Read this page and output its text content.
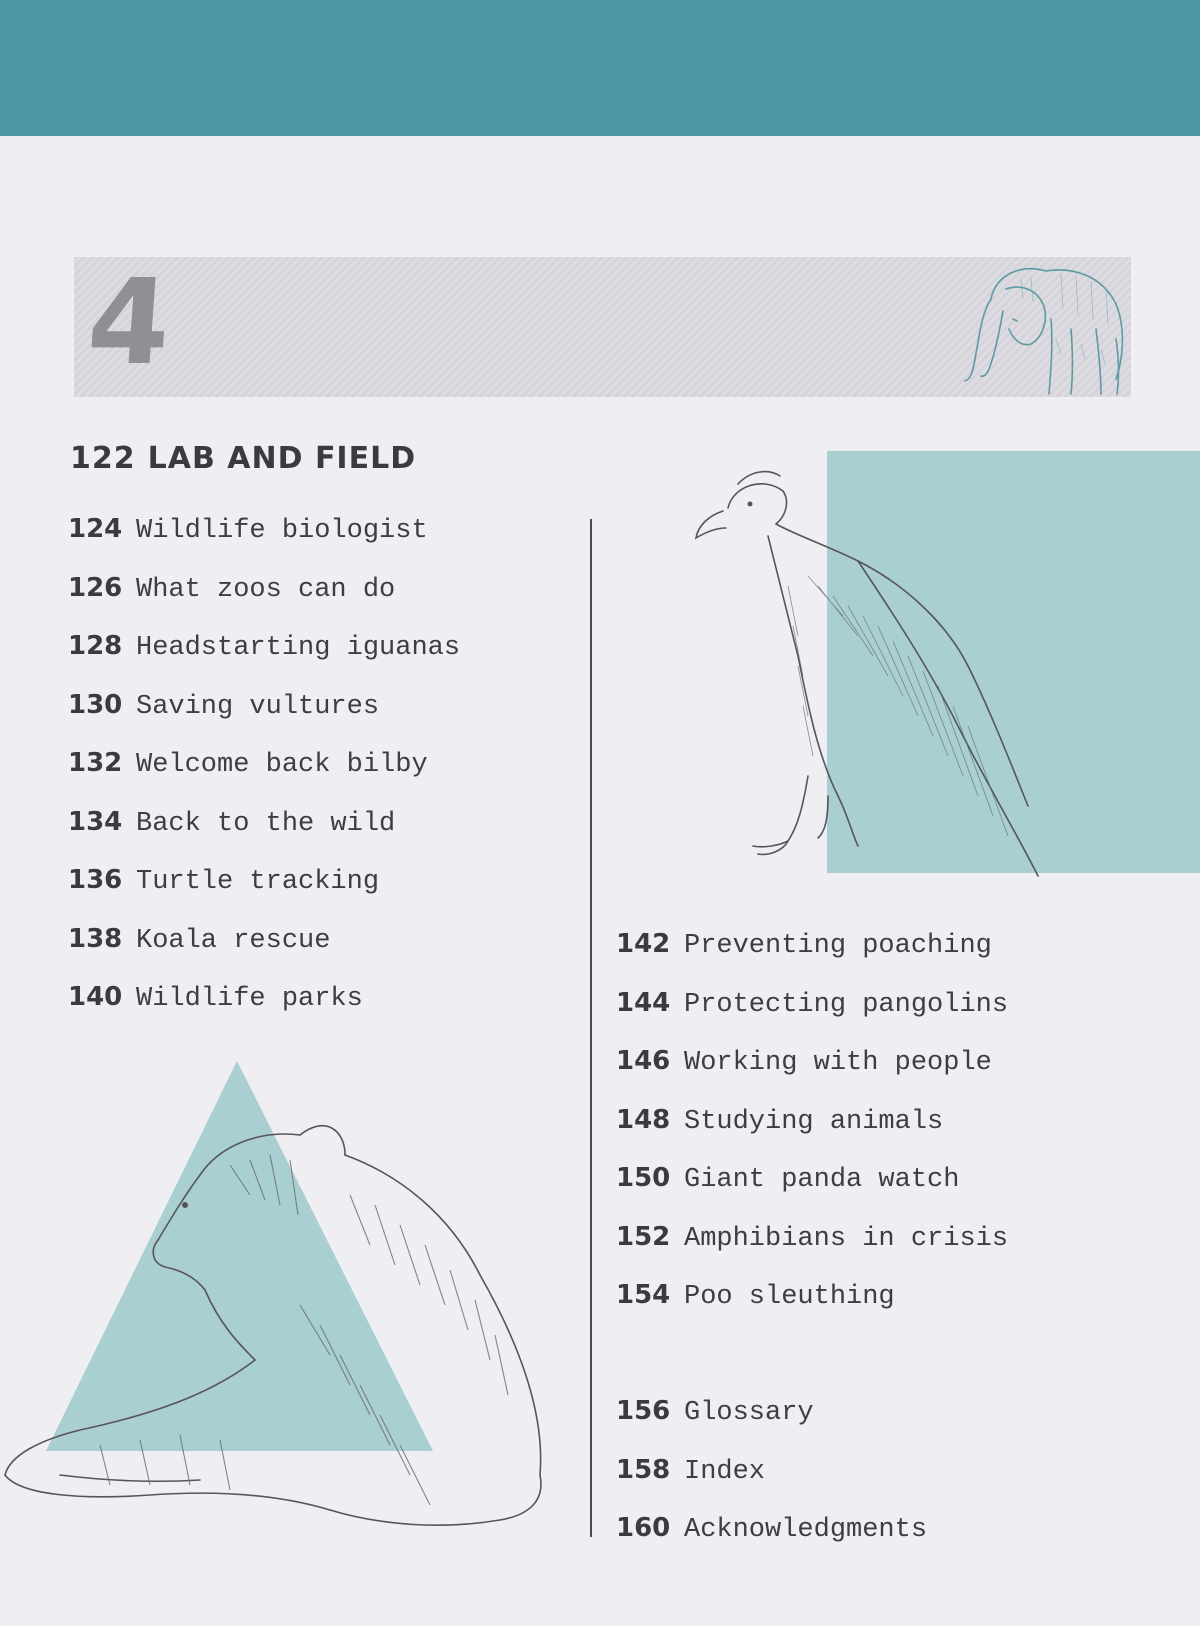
4
122 LAB AND FIELD
124 Wildlife biologist
126 What zoos can do
128 Headstarting iguanas
130 Saving vultures
132 Welcome back bilby
134 Back to the wild
136 Turtle tracking
138 Koala rescue
140 Wildlife parks
142 Preventing poaching
144 Protecting pangolins
146 Working with people
148 Studying animals
150 Giant panda watch
152 Amphibians in crisis
154 Poo sleuthing
156 Glossary
158 Index
160 Acknowledgments
